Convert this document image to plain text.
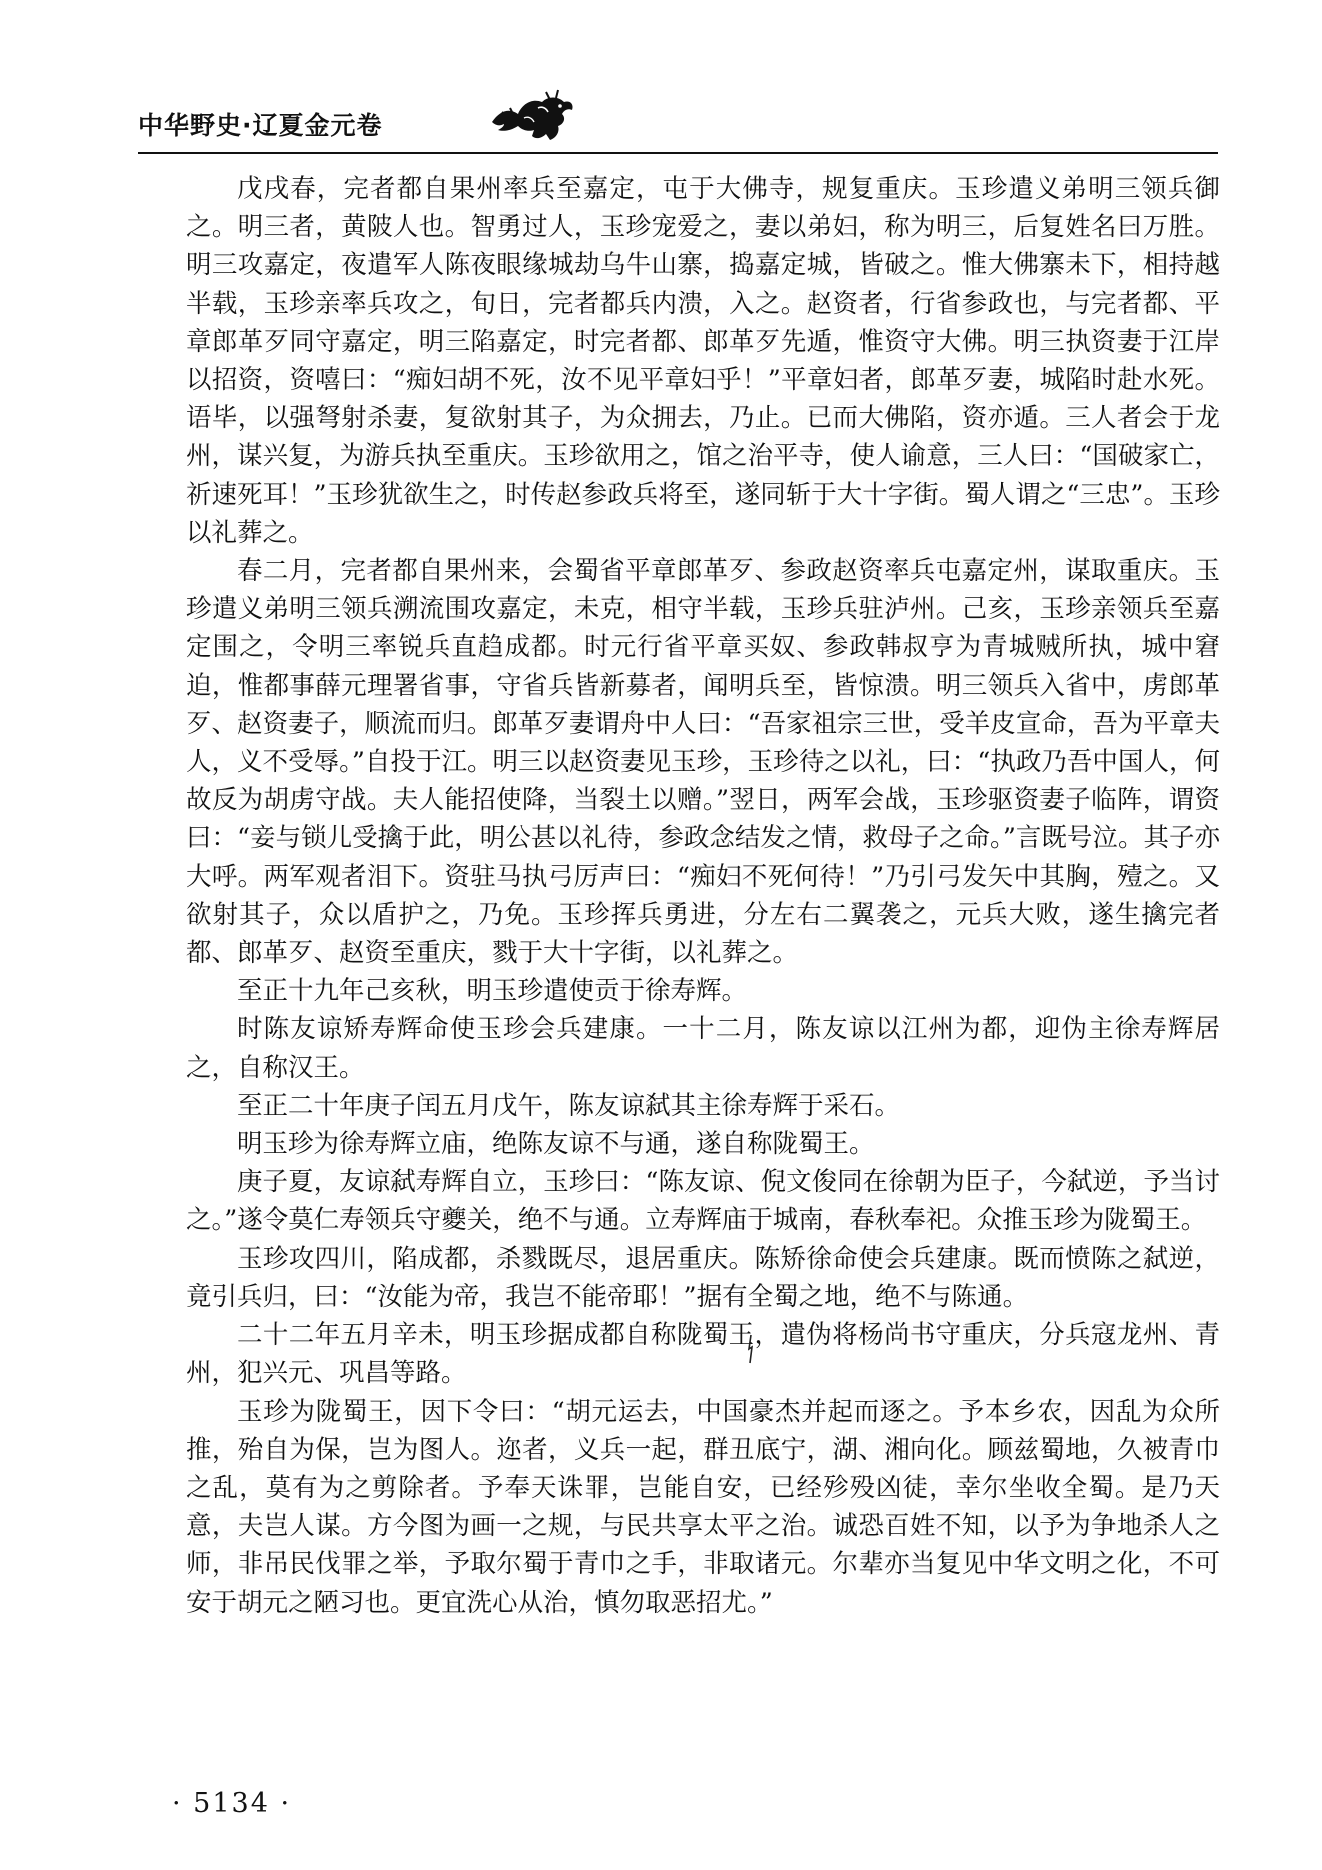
中华野史·辽夏金元卷

戊戌春，完者都自果州率兵至嘉定，屯于大佛寺，规复重庆。玉珍遣义弟明三领兵御之。明三者，黄陂人也。智勇过人，玉珍宠爱之，妻以弟妇，称为明三，后复姓名曰万胜。明三攻嘉定，夜遣军人陈夜眼缘城劫乌牛山寨，捣嘉定城，皆破之。惟大佛寨未下，相持越半载，玉珍亲率兵攻之，旬日，完者都兵内溃，入之。赵资者，行省参政也，与完者都、平章郎革歹同守嘉定，明三陷嘉定，时完者都、郎革歹先遁，惟资守大佛。明三执资妻于江岸以招资，资嘻曰：“痴妇胡不死，汝不见平章妇乎！”平章妇者，郎革歹妻，城陷时赴水死。语毕，以强弩射杀妻，复欲射其子，为众拥去，乃止。已而大佛陷，资亦遁。三人者会于龙州，谋兴复，为游兵执至重庆。玉珍欲用之，馆之治平寺，使人谕意，三人曰：“国破家亡，祈速死耳！”玉珍犹欲生之，时传赵参政兵将至，遂同斩于大十字街。蜀人谓之“三忠”。玉珍以礼葬之。

春二月，完者都自果州来，会蜀省平章郎革歹、参政赵资率兵屯嘉定州，谋取重庆。玉珍遣义弟明三领兵溯流围攻嘉定，未克，相守半载，玉珍兵驻泸州。己亥，玉珍亲领兵至嘉定围之，令明三率锐兵直趋成都。时元行省平章买奴、参政韩叔亨为青城贼所执，城中窘迫，惟都事薛元理署省事，守省兵皆新募者，闻明兵至，皆惊溃。明三领兵入省中，虏郎革歹、赵资妻子，顺流而归。郎革歹妻谓舟中人曰：“吾家祖宗三世，受羊皮宣命，吾为平章夫人，义不受辱。”自投于江。明三以赵资妻见玉珍，玉珍待之以礼，曰：“执政乃吾中国人，何故反为胡虏守战。夫人能招使降，当裂土以赠。”翌日，两军会战，玉珍驱资妻子临阵，谓资曰：“妾与锁儿受擒于此，明公甚以礼待，参政念结发之情，救母子之命。”言既号泣。其子亦大呼。两军观者泪下。资驻马执弓厉声曰：“痴妇不死何待！”乃引弓发矢中其胸，殪之。又欲射其子，众以盾护之，乃免。玉珍挥兵勇进，分左右二翼袭之，元兵大败，遂生擒完者都、郎革歹、赵资至重庆，戮于大十字街，以礼葬之。

至正十九年己亥秋，明玉珍遣使贡于徐寿辉。

时陈友谅矫寿辉命使玉珍会兵建康。一十二月，陈友谅以江州为都，迎伪主徐寿辉居之，自称汉王。

至正二十年庚子闰五月戊午，陈友谅弑其主徐寿辉于采石。

明玉珍为徐寿辉立庙，绝陈友谅不与通，遂自称陇蜀王。

庚子夏，友谅弑寿辉自立，玉珍曰：“陈友谅、倪文俊同在徐朝为臣子，今弑逆，予当讨之。”遂令莫仁寿领兵守夔关，绝不与通。立寿辉庙于城南，春秋奉祀。众推玉珍为陇蜀王。

玉珍攻四川，陷成都，杀戮既尽，退居重庆。陈矫徐命使会兵建康。既而愤陈之弑逆，竟引兵归，曰：“汝能为帝，我岂不能帝耶！”据有全蜀之地，绝不与陈通。

二十二年五月辛未，明玉珍据成都自称陇蜀王，遣伪将杨尚书守重庆，分兵寇龙州、青州，犯兴元、巩昌等路。

玉珍为陇蜀王，因下令曰：“胡元运去，中国豪杰并起而逐之。予本乡农，因乱为众所推，殆自为保，岂为图人。迩者，义兵一起，群丑底宁，湖、湘向化。顾兹蜀地，久被青巾之乱，莫有为之剪除者。予奉天诛罪，岂能自安，已经殄殁凶徒，幸尔坐收全蜀。是乃天意，夫岂人谋。方今图为画一之规，与民共享太平之治。诚恐百姓不知，以予为争地杀人之师，非吊民伐罪之举，予取尔蜀于青巾之手，非取诸元。尔辈亦当复见中华文明之化，不可安于胡元之陋习也。更宜洗心从治，慎勿取恶招尤。”

· 5134 ·
